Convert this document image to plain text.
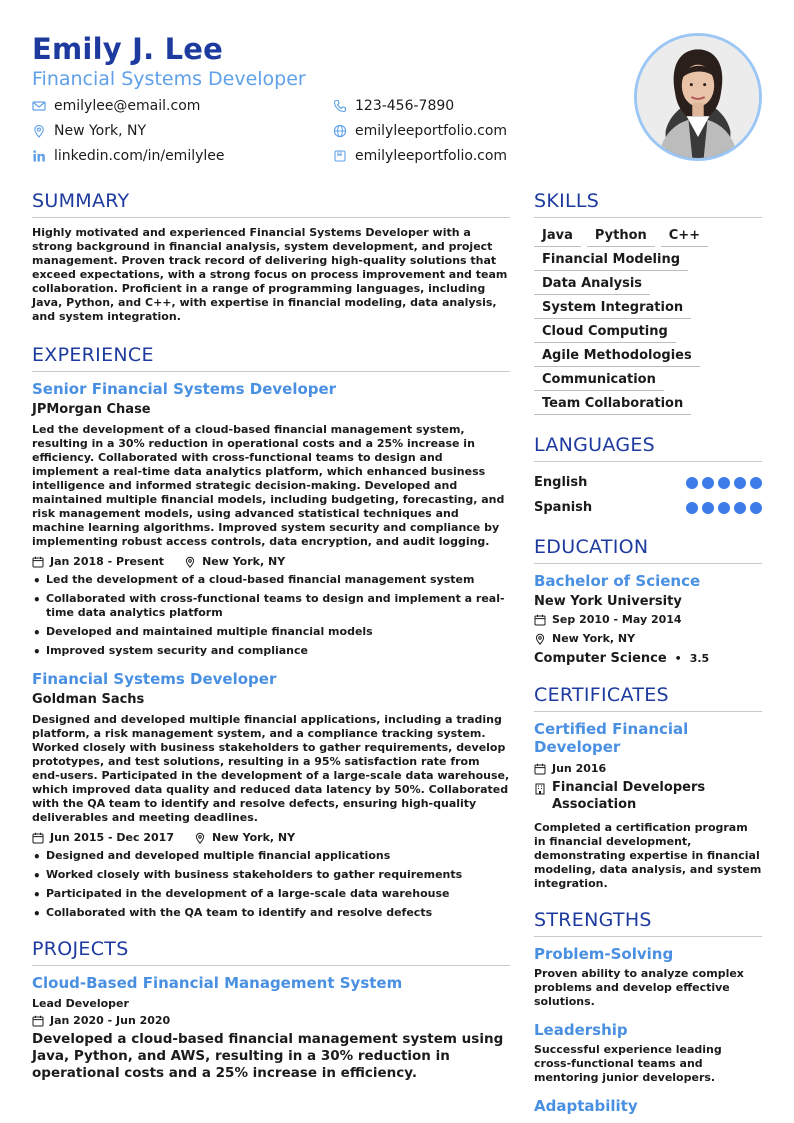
Emily J. Lee
Financial Systems Developer
emilylee@email.com	123-456-7890
New York, NY	emilyleeportfolio.com
linkedin.com/in/emilylee	emilyleeportfolio.com
SUMMARY
Highly motivated and experienced Financial Systems Developer with a strong background in financial analysis, system development, and project management. Proven track record of delivering high-quality solutions that exceed expectations, with a strong focus on process improvement and team collaboration. Proficient in a range of programming languages, including Java, Python, and C++, with expertise in financial modeling, data analysis, and system integration.
EXPERIENCE
Senior Financial Systems Developer
JPMorgan Chase
Led the development of a cloud-based financial management system, resulting in a 30% reduction in operational costs and a 25% increase in efficiency. Collaborated with cross-functional teams to design and implement a real-time data analytics platform, which enhanced business intelligence and informed strategic decision-making. Developed and maintained multiple financial models, including budgeting, forecasting, and risk management models, using advanced statistical techniques and machine learning algorithms. Improved system security and compliance by implementing robust access controls, data encryption, and audit logging.
Jan 2018 - Present	New York, NY
• Led the development of a cloud-based financial management system
• Collaborated with cross-functional teams to design and implement a real-time data analytics platform
• Developed and maintained multiple financial models
• Improved system security and compliance
Financial Systems Developer
Goldman Sachs
Designed and developed multiple financial applications, including a trading platform, a risk management system, and a compliance tracking system. Worked closely with business stakeholders to gather requirements, develop prototypes, and test solutions, resulting in a 95% satisfaction rate from end-users. Participated in the development of a large-scale data warehouse, which improved data quality and reduced data latency by 50%. Collaborated with the QA team to identify and resolve defects, ensuring high-quality deliverables and meeting deadlines.
Jun 2015 - Dec 2017	New York, NY
• Designed and developed multiple financial applications
• Worked closely with business stakeholders to gather requirements
• Participated in the development of a large-scale data warehouse
• Collaborated with the QA team to identify and resolve defects
PROJECTS
Cloud-Based Financial Management System
Lead Developer
Jan 2020 - Jun 2020
Developed a cloud-based financial management system using Java, Python, and AWS, resulting in a 30% reduction in operational costs and a 25% increase in efficiency.
SKILLS
Java	Python	C++
Financial Modeling
Data Analysis
System Integration
Cloud Computing
Agile Methodologies
Communication
Team Collaboration
LANGUAGES
English
Spanish
EDUCATION
Bachelor of Science
New York University
Sep 2010 - May 2014
New York, NY
Computer Science • 3.5
CERTIFICATES
Certified Financial Developer
Jun 2016
Financial Developers Association
Completed a certification program in financial development, demonstrating expertise in financial modeling, data analysis, and system integration.
STRENGTHS
Problem-Solving
Proven ability to analyze complex problems and develop effective solutions.
Leadership
Successful experience leading cross-functional teams and mentoring junior developers.
Adaptability
